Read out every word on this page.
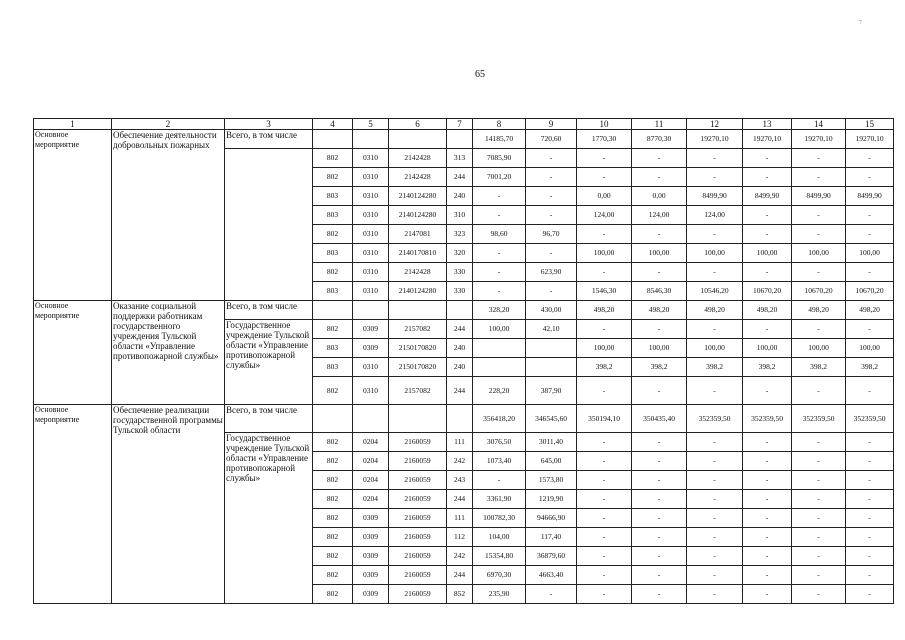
65
7
1	2	3	4	5	6	7	8	9	10	11	12	13	14	15
Основное мероприятие	Обеспечение деятельности добровольных пожарных	Всего, в том числе					14185,70	720,60	1770,30	8770,30	19270,10	19270,10	19270,10	19270,10
			802	0310	2142428	313	7085,90	-	-	-	-	-	-	-
			802	0310	2142428	244	7001,20	-	-	-	-	-	-	-
			803	0310	2140124280	240	-	-	0,00	0,00	8499,90	8499,90	8499,90	8499,90
			803	0310	2140124280	310	-	-	124,00	124,00	124,00	-	-	-
			802	0310	2147081	323	98,60	96,70	-	-	-	-	-	-
			803	0310	2140170810	320	-	-	100,00	100,00	100,00	100,00	100,00	100,00
			802	0310	2142428	330	-	623,90	-	-	-	-	-	-
			803	0310	2140124280	330	-	-	1546,30	8546,30	10546,20	10670,20	10670,20	10670,20
Основное мероприятие	Оказание социальной поддержки работникам государственного учреждения Тульской области «Управление противопожарной службы»	Всего, в том числе					328,20	430,00	498,20	498,20	498,20	498,20	498,20	498,20
		Государственное учреждение Тульской области «Управление противопожарной службы»	802	0309	2157082	244	100,00	42,10	-	-	-	-	-	-
			803	0309	2150170820	240			100,00	100,00	100,00	100,00	100,00	100,00
			803	0310	2150170820	240			398,2	398,2	398,2	398,2	398,2	398,2
			802	0310	2157082	244	228,20	387,90	-	-	-	-	-	-
Основное мероприятие	Обеспечение реализации государственной программы Тульской области	Всего, в том числе					356418,20	346545,60	350194,10	350435,40	352359,50	352359,50	352359,50	352359,50
		Государственное учреждение Тульской области «Управление противопожарной службы»	802	0204	2160059	111	3076,50	3011,40	-	-	-	-	-	-
			802	0204	2160059	242	1073,40	645,00	-	-	-	-	-	-
			802	0204	2160059	243	-	1573,80	-	-	-	-	-	-
			802	0204	2160059	244	3361,90	1219,90	-	-	-	-	-	-
			802	0309	2160059	111	100782,30	94666,90	-	-	-	-	-	-
			802	0309	2160059	112	104,00	117,40	-	-	-	-	-	-
			802	0309	2160059	242	15354,80	36879,60	-	-	-	-	-	-
			802	0309	2160059	244	6970,30	4663,40	-	-	-	-	-	-
			802	0309	2160059	852	235,90	-	-	-	-	-	-	-
